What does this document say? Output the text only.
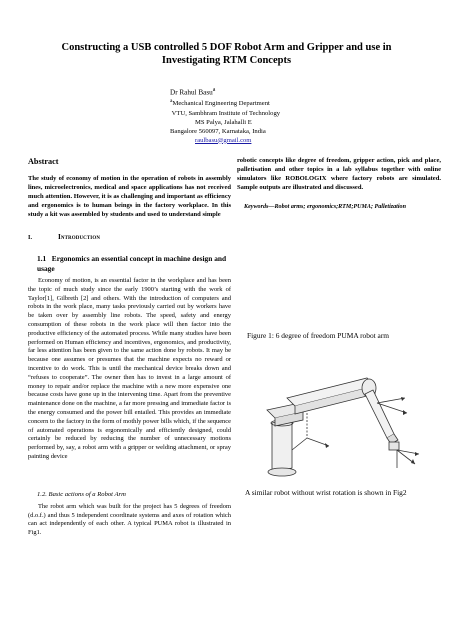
Constructing a USB controlled 5 DOF Robot Arm and Gripper and use in
Investigating RTM Concepts
Dr Rahul Basu$^a$
$^a$Mechanical Engineering Department
VTU, Sambhram Institute of Technology
MS Palya, Jalahalli E
Bangalore 560097, Karnataka, India
raulbasu@gmail.com
Abstract
The study of economy of motion in the operation of robots in assembly lines, microelectronics, medical and space applications has not received much attention. However, it is as challenging and important as efficiency and ergonomics is to human beings in the factory workplace. In this study a kit was assembled by students and used to understand simple
robotic concepts like degree of freedom, gripper action, pick and place, palletisation and other topics in a lab syllabus together with online simulators like ROBOLOGIX where factory robots are simulated. Sample outputs are illustrated and discussed.
Keywords—Robot arms; ergonomics;RTM;PUMA; Palletization
I.	Introduction
1.1 Ergonomics an essential concept in machine design and usage

Economy of motion, is an essential factor in the workplace and has been the topic of much study since the early 1900’s starting with the work of Taylor[1], Gilbreth [2] and others. With the introduction of computers and robots in the work place, many tasks previously carried out by workers have be taken over by assembly line robots. The speed, safety and energy consumption of these robots in the work place will then factor into the productive efficiency of the automated process. While many studies have been performed on Human efficiency and incentives, ergonomics, and productivity, far less attention has been given to the same action done by robots. It may be because one assumes or presumes that the machine expects no reward or incentive to do work. This is until the mechanical device breaks down and “refuses to cooperate”. The owner then has to invest in a large amount of money to repair and/or replace the machine with a new more expensive one because costs have gone up in the intervening time. Apart from the preventive maintenance done on the machine, a far more pressing and immediate factor is the energy consumed and the power bill entailed. This provides an immediate concern to the factory in the form of mothly power bills which, if the sequence of automated operations is ergonomically and efficiently designed, could certainly be reduced by reducing the number of unnecessary motions performed by, say, a robot arm with a gripper or welding attachment, or spray painting device

1.2. Basic actions of a Robot Arm
The robot arm which was built for the project has 5 degrees of freedom (d.o.f.) and thus 5 independent coordinate systems and axes of rotation which can act independently of each other. A typical PUMA robot is illustrated in Fig1.
Figure 1: 6 degree of freedom PUMA robot arm
A similar robot without wrist rotation is shown in Fig2
